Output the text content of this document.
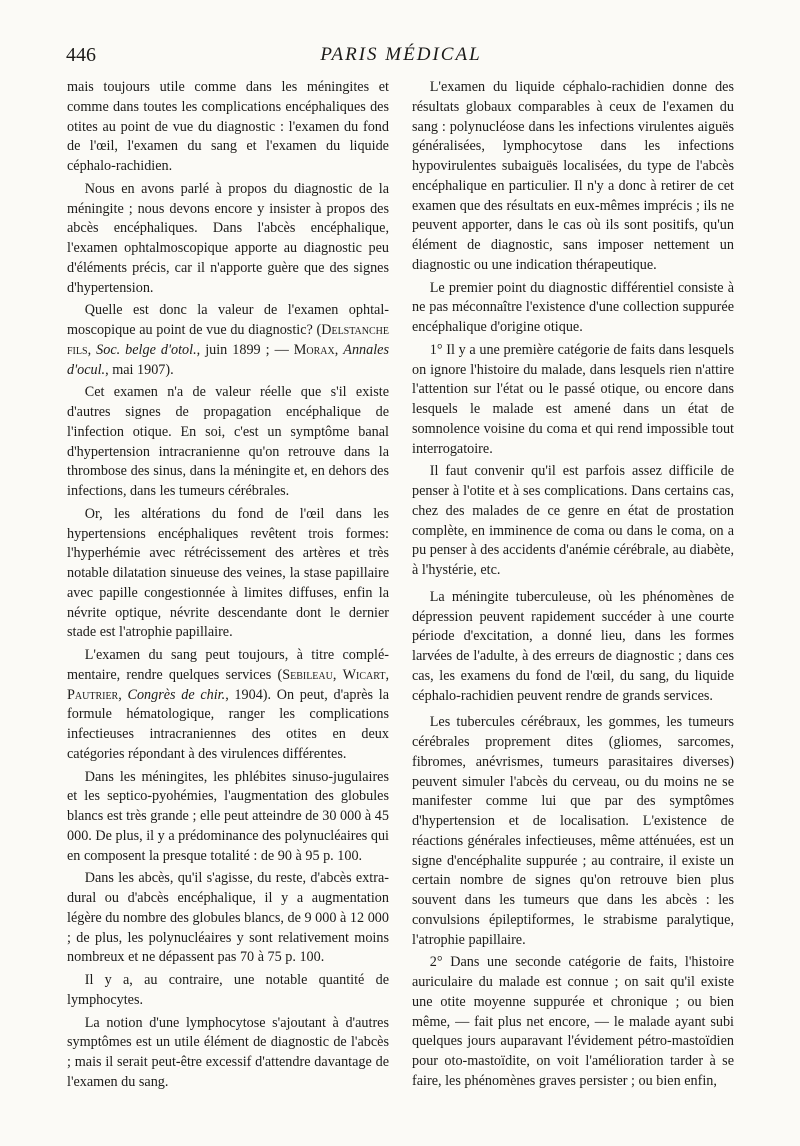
446	PARIS MÉDICAL

mais toujours utile comme dans les méningites et comme dans toutes les complications encéphaliques des otites au point de vue du diagnostic : l'examen du fond de l'œil, l'examen du sang et l'examen du liquide céphalo-rachidien.

Nous en avons parlé à propos du diagnostic de la méningite ; nous devons encore y insister à propos des abcès encéphaliques. Dans l'abcès encéphalique, l'examen ophtalmoscopique apporte au diagnostic peu d'éléments précis, car il n'apporte guère que des signes d'hypertension.

Quelle est donc la valeur de l'examen ophtalmoscopique au point de vue du diagnostic? (Delstanche fils, Soc. belge d'otol., juin 1899 ; — Morax, Annales d'ocul., mai 1907).

Cet examen n'a de valeur réelle que s'il existe d'autres signes de propagation encéphalique de l'infection otique. En soi, c'est un symptôme banal d'hypertension intracranienne qu'on retrouve dans la thrombose des sinus, dans la méningite et, en dehors des infections, dans les tumeurs cérébrales.

Or, les altérations du fond de l'œil dans les hypertensions encéphaliques revêtent trois formes: l'hyperhémie avec rétrécissement des artères et très notable dilatation sinueuse des veines, la stase papillaire avec papille congestionnée à limites diffuses, enfin la névrite optique, névrite descendante dont le dernier stade est l'atrophie papillaire.

L'examen du sang peut toujours, à titre complémentaire, rendre quelques services (Sebileau, Wicart, Pautrier, Congrès de chir., 1904). On peut, d'après la formule hématologique, ranger les complications infectieuses intracraniennes des otites en deux catégories répondant à des virulences différentes.

Dans les méningites, les phlébites sinuso-jugulaires et les septico-pyohémies, l'augmentation des globules blancs est très grande ; elle peut atteindre de 30 000 à 45 000. De plus, il y a prédominance des polynucléaires qui en composent la presque totalité : de 90 à 95 p. 100.

Dans les abcès, qu'il s'agisse, du reste, d'abcès extra-dural ou d'abcès encéphalique, il y a augmentation légère du nombre des globules blancs, de 9 000 à 12 000 ; de plus, les polynucléaires y sont relativement moins nombreux et ne dépassent pas 70 à 75 p. 100.

Il y a, au contraire, une notable quantité de lymphocytes.

La notion d'une lymphocytose s'ajoutant à d'autres symptômes est un utile élément de diagnostic de l'abcès ; mais il serait peut-être excessif d'attendre davantage de l'examen du sang.

L'examen du liquide céphalo-rachidien donne des résultats globaux comparables à ceux de l'examen du sang : polynucléose dans les infections virulentes aiguës généralisées, lymphocytose dans les infections hypovirulentes subaiguës localisées, du type de l'abcès encéphalique en particulier. Il n'y a donc à retirer de cet examen que des résultats en eux-mêmes imprécis ; ils ne peuvent apporter, dans le cas où ils sont positifs, qu'un élément de diagnostic, sans imposer nettement un diagnostic ou une indication thérapeutique.

Le premier point du diagnostic différentiel consiste à ne pas méconnaître l'existence d'une collection suppurée encéphalique d'origine otique.

1° Il y a une première catégorie de faits dans lesquels on ignore l'histoire du malade, dans lesquels rien n'attire l'attention sur l'état ou le passé otique, ou encore dans lesquels le malade est amené dans un état de somnolence voisine du coma et qui rend impossible tout interrogatoire.

Il faut convenir qu'il est parfois assez difficile de penser à l'otite et à ses complications. Dans certains cas, chez des malades de ce genre en état de prostation complète, en imminence de coma ou dans le coma, on a pu penser à des accidents d'anémie cérébrale, au diabète, à l'hystérie, etc.

La méningite tuberculeuse, où les phénomènes de dépression peuvent rapidement succéder à une courte période d'excitation, a donné lieu, dans les formes larvées de l'adulte, à des erreurs de diagnostic ; dans ces cas, les examens du fond de l'œil, du sang, du liquide céphalo-rachidien peuvent rendre de grands services.

Les tubercules cérébraux, les gommes, les tumeurs cérébrales proprement dites (gliomes, sarcomes, fibromes, anévrismes, tumeurs parasitaires diverses) peuvent simuler l'abcès du cerveau, ou du moins ne se manifester comme lui que par des symptômes d'hypertension et de localisation. L'existence de réactions générales infectieuses, même atténuées, est un signe d'encéphalite suppurée ; au contraire, il existe un certain nombre de signes qu'on retrouve bien plus souvent dans les tumeurs que dans les abcès : les convulsions épileptiformes, le strabisme paralytique, l'atrophie papillaire.

2° Dans une seconde catégorie de faits, l'histoire auriculaire du malade est connue ; on sait qu'il existe une otite moyenne suppurée et chronique ; ou bien même, — fait plus net encore, — le malade ayant subi quelques jours auparavant l'évidement pétro-mastoïdien pour oto-mastoïdite, on voit l'amélioration tarder à se faire, les phénomènes graves persister ; ou bien enfin,
